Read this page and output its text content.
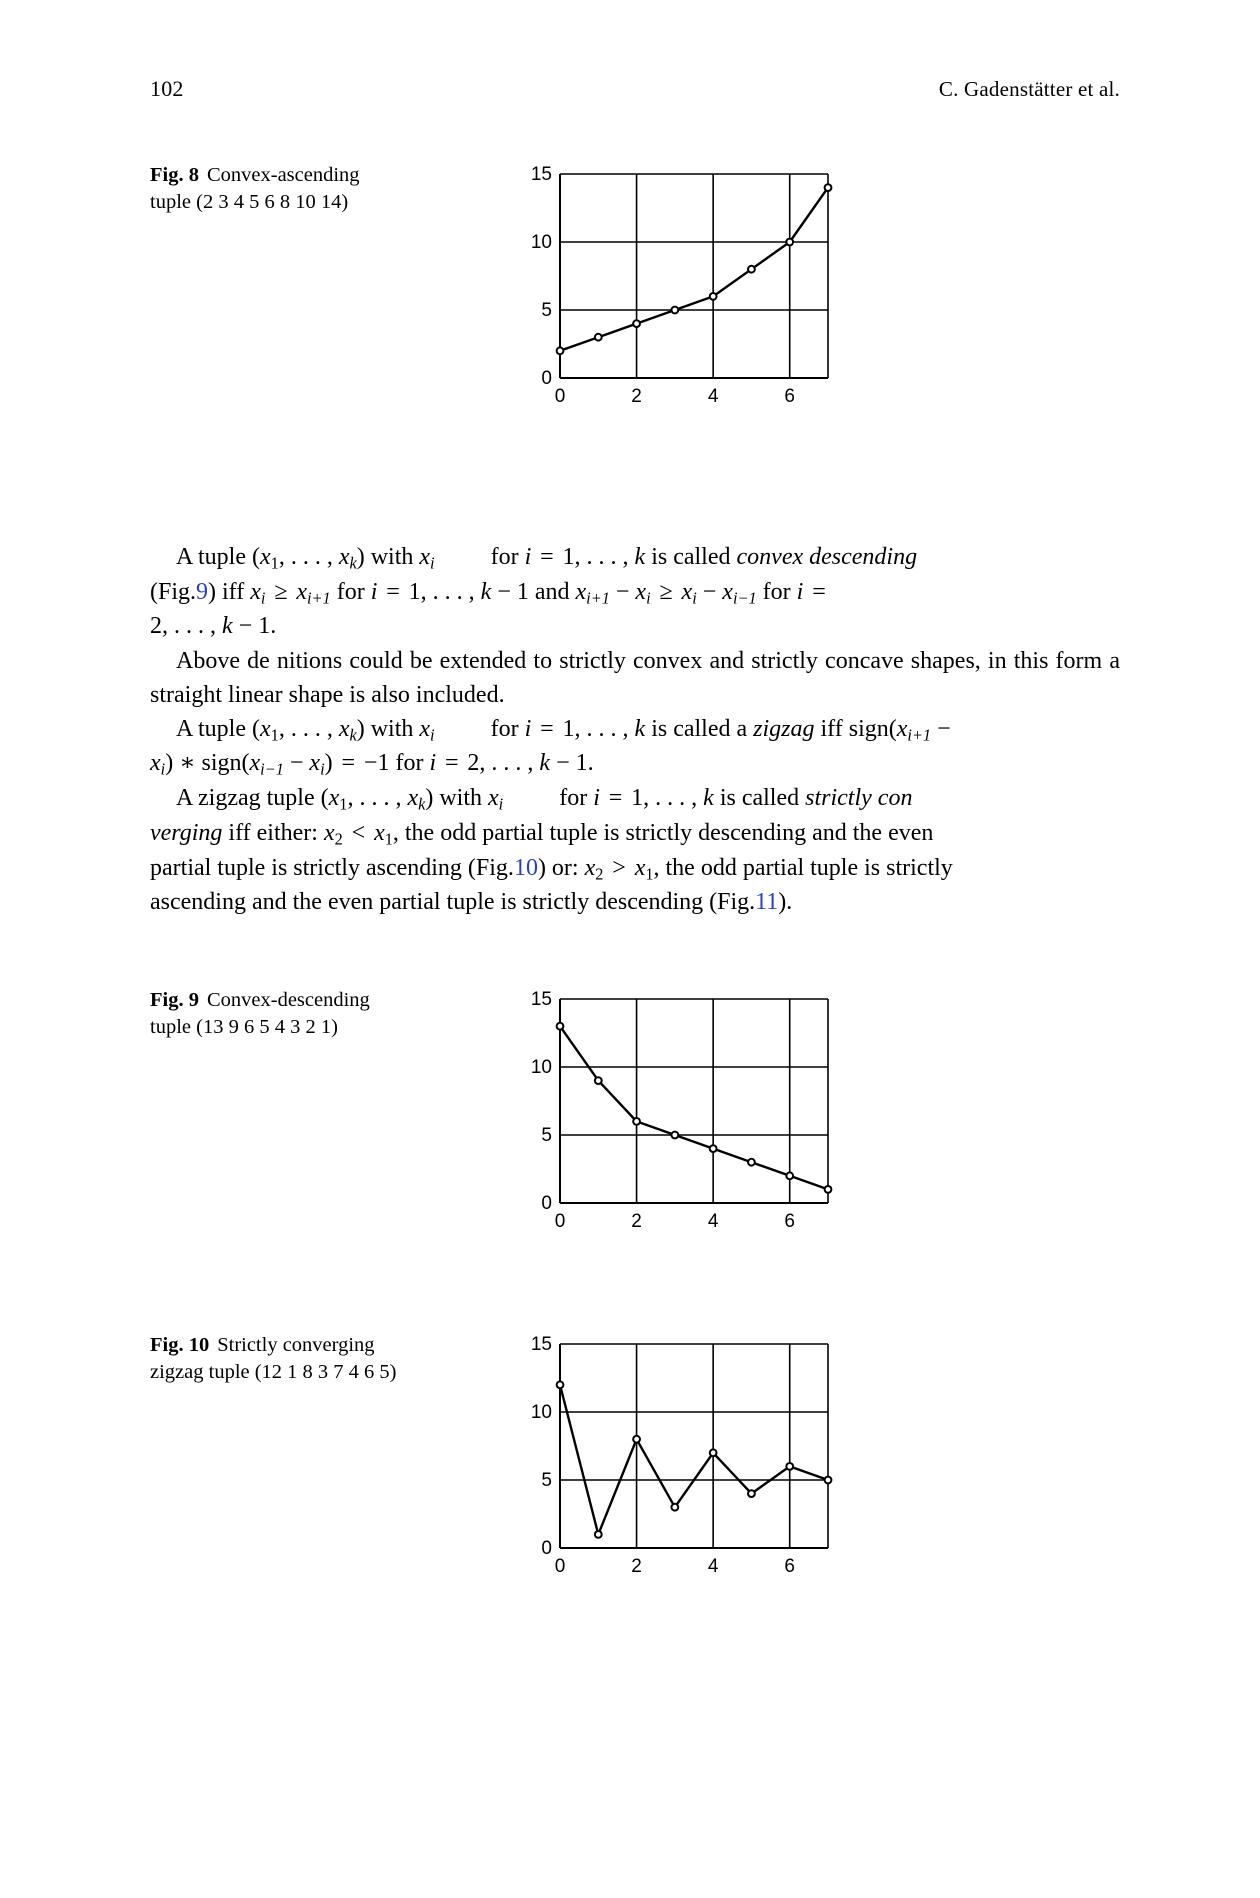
102	C. Gadenstätter et al.
Fig. 8 Convex-ascending
tuple (2 3 4 5 6 8 10 14)
0
5
10
15
0	2	4	6

A tuple (x1, . . . , $x_k$) with $x_i$ for i = 1, . . . , k is called convex descending
(Fig.9) iff $x_i \ge x_{i+1}$ for i = 1, . . . , k − 1 and $x_{i+1} - x_i \ge x_i - x_{i-1}$ for i =
2, . . . , k − 1.

Above de nitions could be extended to strictly convex and strictly concave shapes, in this form a straight linear shape is also included.

A tuple (x1, . . . , $x_k$) with $x_i$ for i = 1, . . . , k is called a zigzag iff $sign(x_{i+1}$ −
$x_i$) ∗ $sign(x_{i-1} - x_i) = -1$ for i = 2, . . . , k − 1.

A zigzag tuple (x1, . . . , $x_k$) with $x_i$ for i = 1, . . . , k is called strictly con
verging iff either: x2 < x1, the odd partial tuple is strictly descending and the even
partial tuple is strictly ascending (Fig.10) or: x2 > x1, the odd partial tuple is strictly
ascending and the even partial tuple is strictly descending (Fig.11).

Fig. 9 Convex-descending
tuple (13 9 6 5 4 3 2 1)
0
5
10
15
0	2	4	6
Fig. 10 Strictly converging
zigzag tuple (12 1 8 3 7 4 6 5)
0
5
10
15
0	2	4	6
